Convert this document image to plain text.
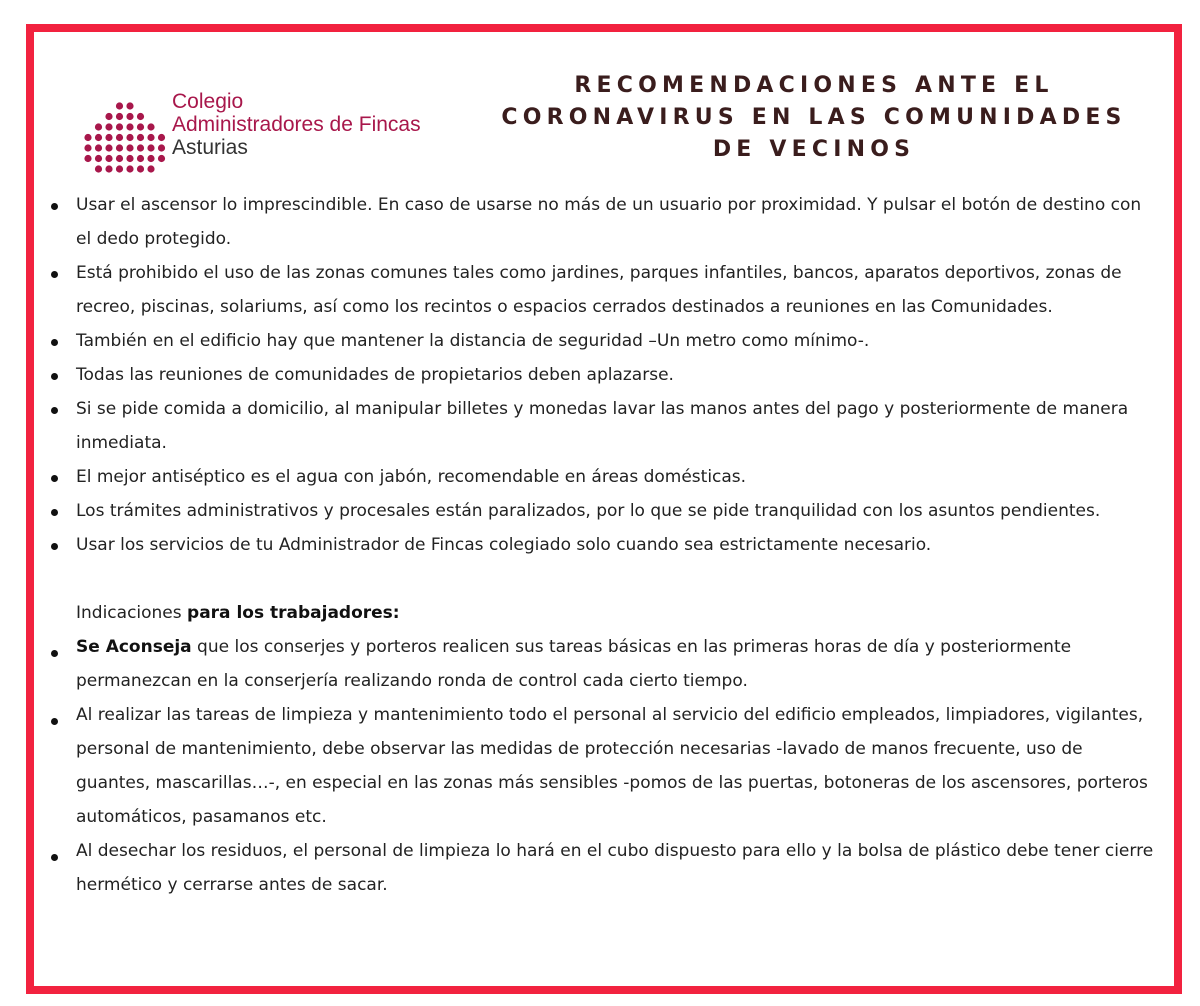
Colegio
Administradores de Fincas
Asturias
RECOMENDACIONES ANTE EL
CORONAVIRUS EN LAS COMUNIDADES
DE VECINOS
Usar el ascensor lo imprescindible. En caso de usarse no más de un usuario por proximidad. Y pulsar el botón de destino con el dedo protegido.
Está prohibido el uso de las zonas comunes tales como jardines, parques infantiles, bancos, aparatos deportivos, zonas de recreo, piscinas, solariums, así como los recintos o espacios cerrados destinados a reuniones en las Comunidades.
También en el edificio hay que mantener la distancia de seguridad –Un metro como mínimo-.
Todas las reuniones de comunidades de propietarios deben aplazarse.
Si se pide comida a domicilio, al manipular billetes y monedas lavar las manos antes del pago y posteriormente de manera inmediata.
El mejor antiséptico es el agua con jabón, recomendable en áreas domésticas.
Los trámites administrativos y procesales están paralizados, por lo que se pide tranquilidad con los asuntos pendientes.
Usar los servicios de tu Administrador de Fincas colegiado solo cuando sea estrictamente necesario.
Indicaciones para los trabajadores:
Se Aconseja que los conserjes y porteros realicen sus tareas básicas en las primeras horas de día y posteriormente permanezcan en la conserjería realizando ronda de control cada cierto tiempo.
Al realizar las tareas de limpieza y mantenimiento todo el personal al servicio del edificio empleados, limpiadores, vigilantes, personal de mantenimiento, debe observar las medidas de protección necesarias -lavado de manos frecuente, uso de guantes, mascarillas…-, en especial en las zonas más sensibles -pomos de las puertas, botoneras de los ascensores, porteros automáticos, pasamanos etc.
Al desechar los residuos, el personal de limpieza lo hará en el cubo dispuesto para ello y la bolsa de plástico debe tener cierre hermético y cerrarse antes de sacar.
